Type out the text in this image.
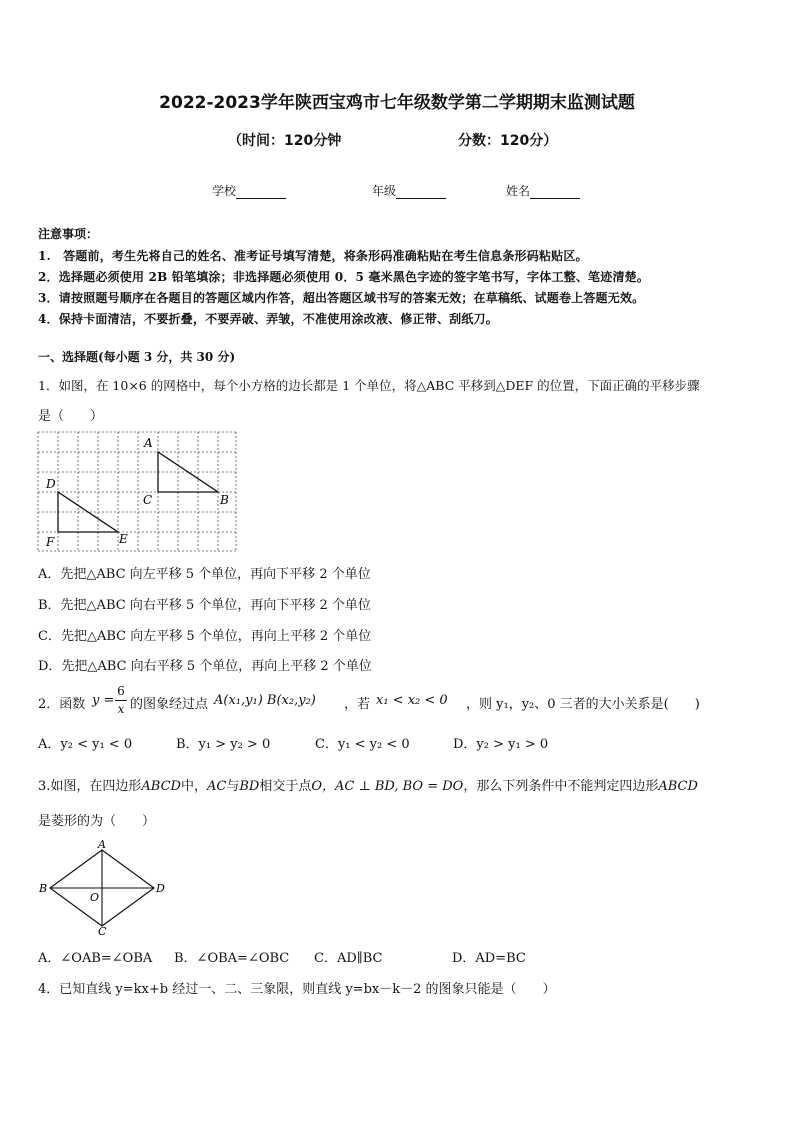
2022-2023学年陕西宝鸡市七年级数学第二学期期末监测试题
（时间：120分钟	分数：120分）
学校	年级	姓名
注意事项：
1.　答题前，考生先将自己的姓名、准考证号填写清楚，将条形码准确粘贴在考生信息条形码粘贴区。
2．选择题必须使用 2B 铅笔填涂；非选择题必须使用 0．5 毫米黑色字迹的签字笔书写，字体工整、笔迹清楚。
3．请按照题号顺序在各题目的答题区域内作答，超出答题区域书写的答案无效；在草稿纸、试题卷上答题无效。
4．保持卡面清洁，不要折叠，不要弄破、弄皱，不准使用涂改液、修正带、刮纸刀。
一、选择题(每小题 3 分，共 30 分)
1．如图，在 10×6 的网格中，每个小方格的边长都是 1 个单位，将△ABC 平移到△DEF 的位置，下面正确的平移步骤
是（　　）
A
C	B
D
F	E
A．先把△ABC 向左平移 5 个单位，再向下平移 2 个单位
B．先把△ABC 向右平移 5 个单位，再向下平移 2 个单位
C．先把△ABC 向左平移 5 个单位，再向上平移 2 个单位
D．先把△ABC 向右平移 5 个单位，再向上平移 2 个单位
2．函数 y =
6
x 的图象经过点 A(x₁,y₁) B(x₂,y₂) ，若 x₁ < x₂ < 0 ，则 y₁，y₂、0 三者的大小关系是(　　)
A．y₂ < y₁ < 0	B．y₁ > y₂ > 0	C．y₁ < y₂ < 0	D．y₂ > y₁ > 0
3.如图，在四边形ABCD中，AC与BD相交于点O，AC ⊥ BD, BO = DO，那么下列条件中不能判定四边形ABCD
是菱形的为（　　）
A
B
C
D
O
A．∠OAB=∠OBA B．∠OBA=∠OBC C．AD∥BC	D．AD=BC
4．已知直线 y=kx+b 经过一、二、三象限，则直线 y=bx－k－2 的图象只能是（　　）
